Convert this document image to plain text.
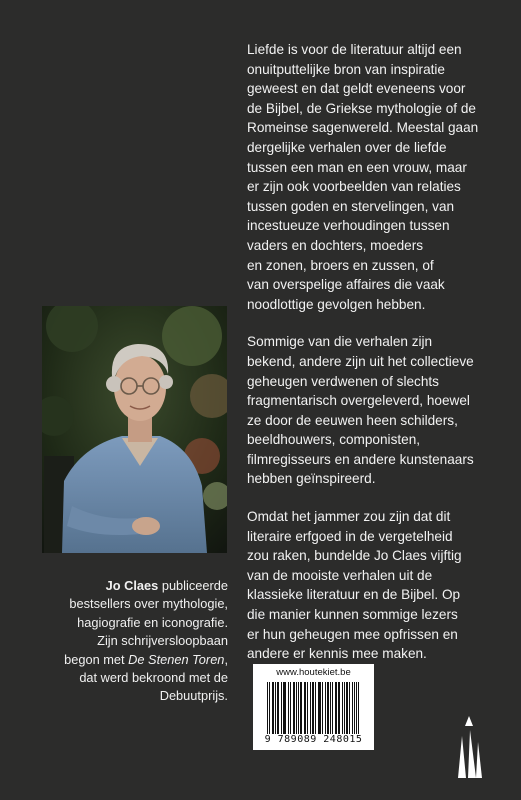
Liefde is voor de literatuur altijd een
onuitputtelijke bron van inspiratie
geweest en dat geldt eveneens voor
de Bijbel, de Griekse mythologie of de
Romeinse sagenwereld. Meestal gaan
dergelijke verhalen over de liefde
tussen een man en een vrouw, maar
er zijn ook voorbeelden van relaties
tussen goden en stervelingen, van
incestueuze verhoudingen tussen
vaders en dochters, moeders
en zonen, broers en zussen, of
van overspelige affaires die vaak
noodlottige gevolgen hebben.

Sommige van die verhalen zijn
bekend, andere zijn uit het collectieve
geheugen verdwenen of slechts
fragmentarisch overgeleverd, hoewel
ze door de eeuwen heen schilders,
beeldhouwers, componisten,
filmregisseurs en andere kunstenaars
hebben geïnspireerd.

Omdat het jammer zou zijn dat dit
literaire erfgoed in de vergetelheid
zou raken, bundelde Jo Claes vijftig
van de mooiste verhalen uit de
klassieke literatuur en de Bijbel. Op
die manier kunnen sommige lezers
er hun geheugen mee opfrissen en
andere er kennis mee maken.

Jo Claes publiceerde
bestsellers over mythologie,
hagiografie en iconografie.
Zijn schrijversloopbaan
begon met De Stenen Toren,
dat werd bekroond met de
Debuutprijs.
www.houtekiet.be
9 789089 248015
